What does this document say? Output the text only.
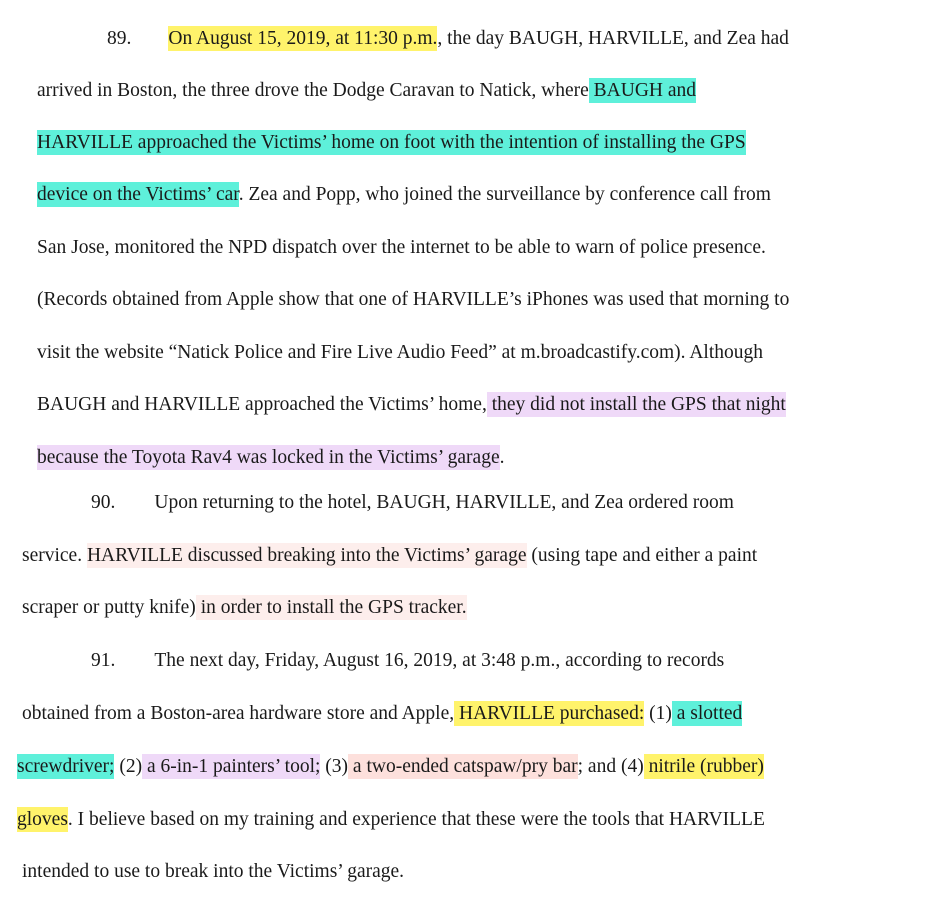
89. On August 15, 2019, at 11:30 p.m., the day BAUGH, HARVILLE, and Zea had
arrived in Boston, the three drove the Dodge Caravan to Natick, where BAUGH and
HARVILLE approached the Victims’ home on foot with the intention of installing the GPS
device on the Victims’ car. Zea and Popp, who joined the surveillance by conference call from
San Jose, monitored the NPD dispatch over the internet to be able to warn of police presence.
(Records obtained from Apple show that one of HARVILLE’s iPhones was used that morning to
visit the website “Natick Police and Fire Live Audio Feed” at m.broadcastify.com). Although
BAUGH and HARVILLE approached the Victims’ home, they did not install the GPS that night
because the Toyota Rav4 was locked in the Victims’ garage.
90. Upon returning to the hotel, BAUGH, HARVILLE, and Zea ordered room
service. HARVILLE discussed breaking into the Victims’ garage (using tape and either a paint
scraper or putty knife) in order to install the GPS tracker.
91. The next day, Friday, August 16, 2019, at 3:48 p.m., according to records
obtained from a Boston-area hardware store and Apple, HARVILLE purchased: (1) a slotted
screwdriver; (2) a 6-in-1 painters’ tool; (3) a two-ended catspaw/pry bar; and (4) nitrile (rubber)
gloves. I believe based on my training and experience that these were the tools that HARVILLE
intended to use to break into the Victims’ garage.
